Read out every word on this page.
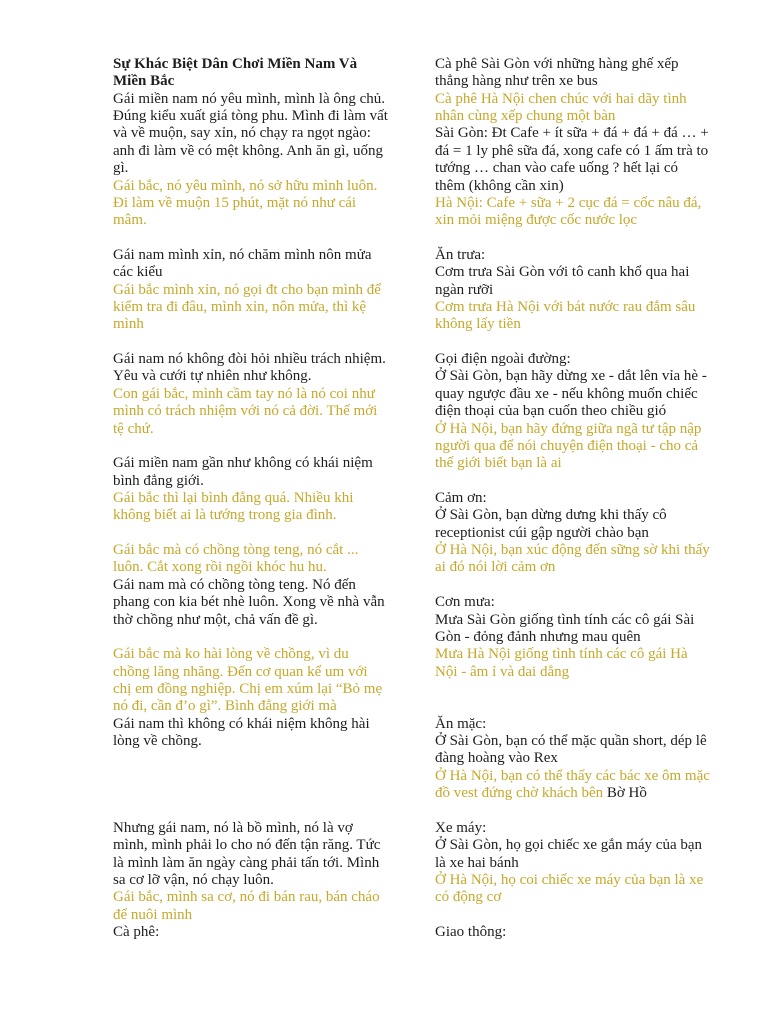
Sự Khác Biệt Dân Chơi Miền Nam Và
Miền Bắc
Gái miền nam nó yêu mình, mình là ông chủ.
Đúng kiểu xuất giá tòng phu. Mình đi làm vất
và về muộn, say xỉn, nó chạy ra ngọt ngào:
anh đi làm về có mệt không. Anh ăn gì, uống
gì.
Gái bắc, nó yêu mình, nó sở hữu mình luôn.
Đi làm về muộn 15 phút, mặt nó như cái
mâm.
Gái nam mình xỉn, nó chăm mình nôn mửa
các kiểu
Gái bắc mình xỉn, nó gọi đt cho bạn mình để
kiểm tra đi đâu, mình xỉn, nôn mửa, thì kệ
mình
Gái nam nó không đòi hỏi nhiều trách nhiệm.
Yêu và cưới tự nhiên như không.
Con gái bắc, mình cầm tay nó là nó coi như
mình có trách nhiệm với nó cả đời. Thế mới
tệ chứ.
Gái miền nam gần như không có khái niệm
bình đẳng giới.
Gái bắc thì lại bình đẳng quá. Nhiều khi
không biết ai là tướng trong gia đình.
Gái bắc mà có chồng tòng teng, nó cắt ...
luôn. Cắt xong rồi ngồi khóc hu hu.
Gái nam mà có chồng tòng teng. Nó đến
phang con kia bét nhè luôn. Xong về nhà vẫn
thờ chồng như một, chả vấn đề gì.
Gái bắc mà ko hài lòng về chồng, vì du
chồng lăng nhăng. Đến cơ quan kể um với
chị em đồng nghiệp. Chị em xúm lại “Bỏ mẹ
nó đi, cần đ’o gì”. Bình đẳng giới mà
Gái nam thì không có khái niệm không hài
lòng về chồng.
Nhưng gái nam, nó là bồ mình, nó là vợ
mình, mình phải lo cho nó đến tận răng. Tức
là mình làm ăn ngày càng phải tấn tới. Mình
sa cơ lỡ vận, nó chạy luôn.
Gái bắc, mình sa cơ, nó đi bán rau, bán cháo
để nuôi mình
Cà phê:
Cà phê Sài Gòn với những hàng ghế xếp
thẳng hàng như trên xe bus
Cà phê Hà Nội chen chúc với hai dãy tình
nhân cùng xếp chung một bàn
Sài Gòn: Đt Cafe + ít sữa + đá + đá + đá … +
đá = 1 ly phê sữa đá, xong cafe có 1 ấm trà to
tướng … chan vào cafe uống ? hết lại có
thêm (không cần xin)
Hà Nội: Cafe + sữa + 2 cục đá = cốc nâu đá,
xin mỏi miệng được cốc nước lọc
Ăn trưa:
Cơm trưa Sài Gòn với tô canh khổ qua hai
ngàn rưỡi
Cơm trưa Hà Nội với bát nước rau đắm sâu
không lấy tiền
Gọi điện ngoài đường:
Ở Sài Gòn, bạn hãy dừng xe - dắt lên vỉa hè -
quay ngược đầu xe - nếu không muốn chiếc
điện thoại của bạn cuốn theo chiều gió
Ở Hà Nội, bạn hãy đứng giữa ngã tư tập nập
người qua để nói chuyện điện thoại - cho cả
thế giới biết bạn là ai
Cảm ơn:
Ở Sài Gòn, bạn dừng dưng khi thấy cô
receptionist cúi gập người chào bạn
Ở Hà Nội, bạn xúc động đến sững sờ khi thấy
ai đó nói lời cảm ơn
Cơn mưa:
Mưa Sài Gòn giống tình tính các cô gái Sài
Gòn - đỏng đảnh nhưng mau quên
Mưa Hà Nội giống tình tính các cô gái Hà
Nội - âm ỉ và dai dẳng
Ăn mặc:
Ở Sài Gòn, bạn có thể mặc quần short, dép lê
đàng hoàng vào Rex
Ở Hà Nội, bạn có thể thấy các bác xe ôm mặc
đồ vest đứng chờ khách bên Bờ Hồ
Xe máy:
Ở Sài Gòn, họ gọi chiếc xe gắn máy của bạn
là xe hai bánh
Ở Hà Nội, họ coi chiếc xe máy của bạn là xe
có động cơ
Giao thông:
